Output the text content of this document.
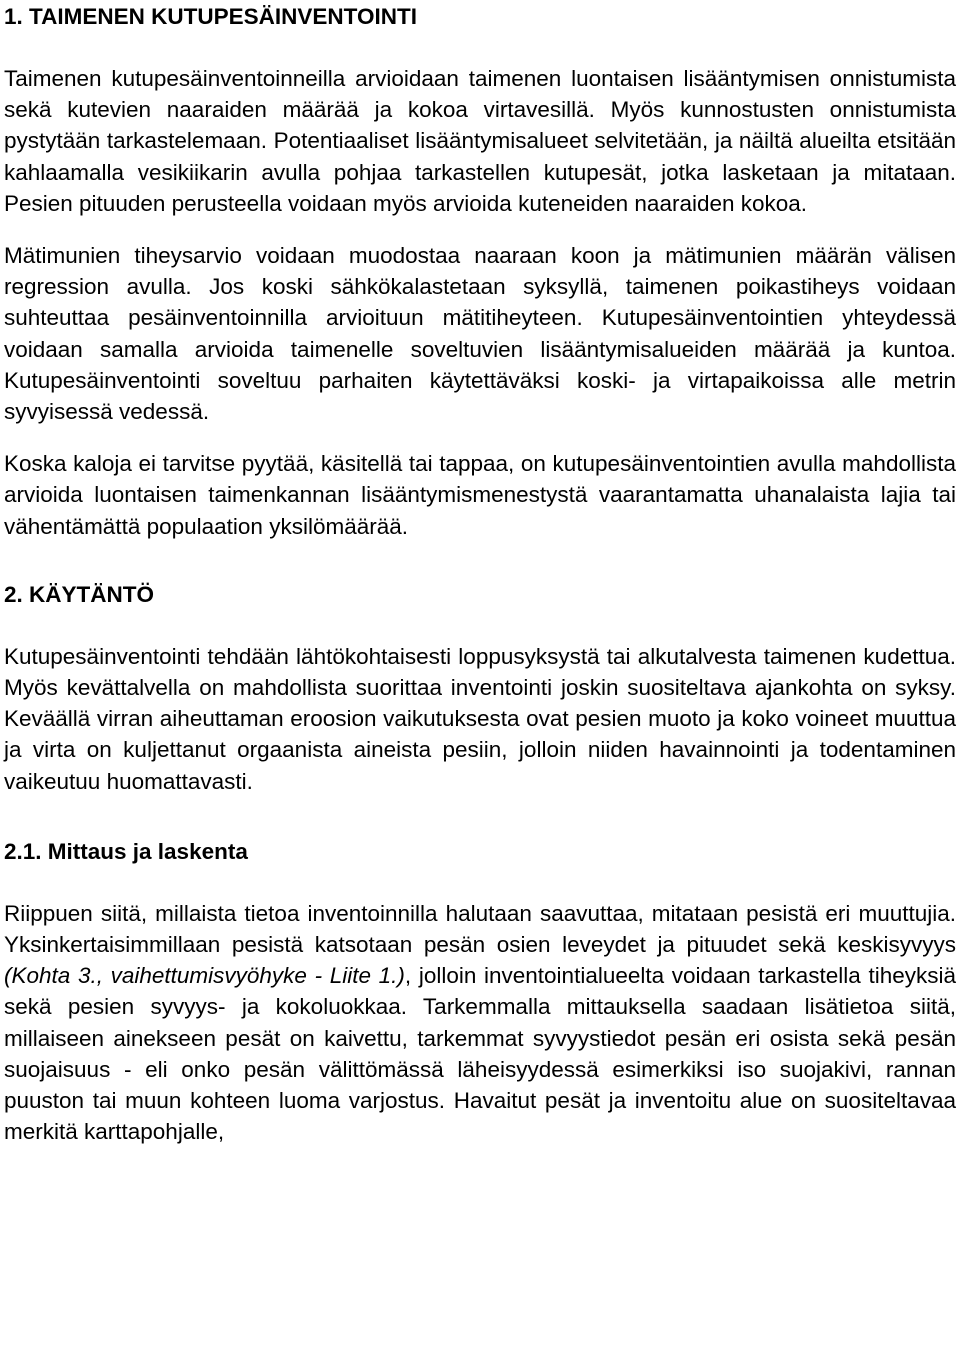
1. TAIMENEN KUTUPESÄINVENTOINTI

Taimenen kutupesäinventoinneilla arvioidaan taimenen luontaisen lisääntymisen onnistumista sekä kutevien naaraiden määrää ja kokoa virtavesillä. Myös kunnostusten onnistumista pystytään tarkastelemaan. Potentiaaliset lisääntymisalueet selvitetään, ja näiltä alueilta etsitään kahlaamalla vesikiikarin avulla pohjaa tarkastellen kutupesät, jotka lasketaan ja mitataan. Pesien pituuden perusteella voidaan myös arvioida kuteneiden naaraiden kokoa.

Mätimunien tiheysarvio voidaan muodostaa naaraan koon ja mätimunien määrän välisen regression avulla. Jos koski sähkökalastetaan syksyllä, taimenen poikastiheys voidaan suhteuttaa pesäinventoinnilla arvioituun mätitiheyteen. Kutupesäinventointien yhteydessä voidaan samalla arvioida taimenelle soveltuvien lisääntymisalueiden määrää ja kuntoa. Kutupesäinventointi soveltuu parhaiten käytettäväksi koski- ja virtapaikoissa alle metrin syvyisessä vedessä.

Koska kaloja ei tarvitse pyytää, käsitellä tai tappaa, on kutupesäinventointien avulla mahdollista arvioida luontaisen taimenkannan lisääntymismenestystä vaarantamatta uhanalaista lajia tai vähentämättä populaation yksilömäärää.

2. KÄYTÄNTÖ

Kutupesäinventointi tehdään lähtökohtaisesti loppusyksystä tai alkutalvesta taimenen kudettua. Myös kevättalvella on mahdollista suorittaa inventointi joskin suositeltava ajankohta on syksy. Keväällä virran aiheuttaman eroosion vaikutuksesta ovat pesien muoto ja koko voineet muuttua ja virta on kuljettanut orgaanista aineista pesiin, jolloin niiden havainnointi ja todentaminen vaikeutuu huomattavasti.

2.1. Mittaus ja laskenta

Riippuen siitä, millaista tietoa inventoinnilla halutaan saavuttaa, mitataan pesistä eri muuttujia. Yksinkertaisimmillaan pesistä katsotaan pesän osien leveydet ja pituudet sekä keskisyvyys (Kohta 3., vaihettumisvyöhyke - Liite 1.), jolloin inventointialueelta voidaan tarkastella tiheyksiä sekä pesien syvyys- ja kokoluokkaa. Tarkemmalla mittauksella saadaan lisätietoa siitä, millaiseen ainekseen pesät on kaivettu, tarkemmat syvyystiedot pesän eri osista sekä pesän suojaisuus - eli onko pesän välittömässä läheisyydessä esimerkiksi iso suojakivi, rannan puuston tai muun kohteen luoma varjostus. Havaitut pesät ja inventoitu alue on suositeltavaa merkitä karttapohjalle,
